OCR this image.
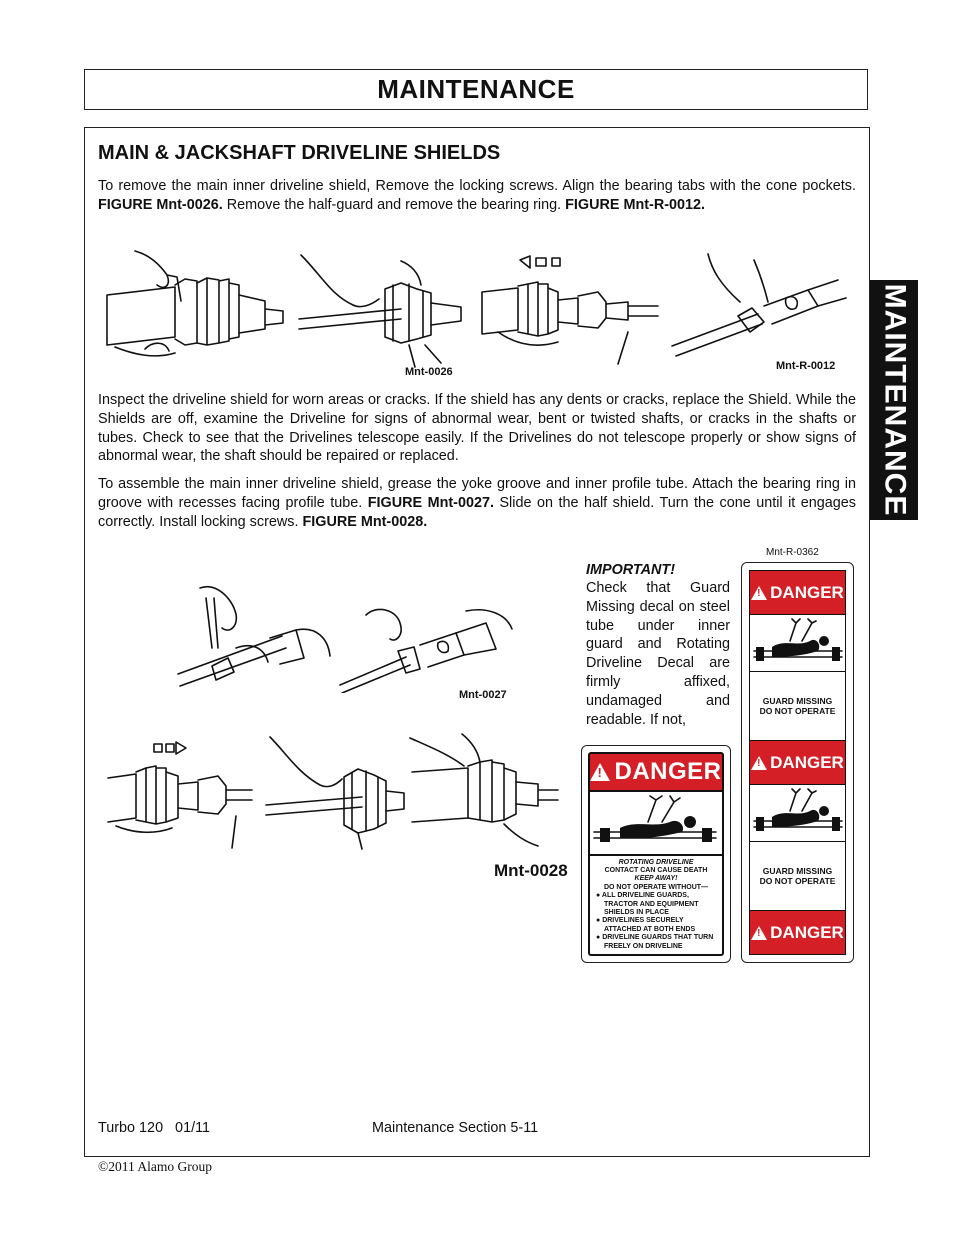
MAINTENANCE
MAINTENANCE
MAIN & JACKSHAFT DRIVELINE SHIELDS

To remove the main inner driveline shield, Remove the locking screws. Align the bearing tabs with the cone pockets. FIGURE Mnt-0026. Remove the half-guard and remove the bearing ring. FIGURE Mnt-R-0012.

Mnt-0026	Mnt-R-0012

Inspect the driveline shield for worn areas or cracks. If the shield has any dents or cracks, replace the Shield. While the Shields are off, examine the Driveline for signs of abnormal wear, bent or twisted shafts, or cracks in the shafts or tubes. Check to see that the Drivelines telescope easily. If the Drivelines do not telescope properly or show signs of abnormal wear, the shaft should be repaired or replaced.

To assemble the main inner driveline shield, grease the yoke groove and inner profile tube. Attach the bearing ring in groove with recesses facing profile tube. FIGURE Mnt-0027. Slide on the half shield. Turn the cone until it engages correctly. Install locking screws. FIGURE Mnt-0028.

Mnt-0027
Mnt-0028

IMPORTANT!

Check that Guard Missing decal on steel tube under inner guard and Rotating Driveline Decal are firmly affixed, undamaged and readable. If not,

Mnt-R-0362
!
DANGER
ROTATING DRIVELINE
CONTACT CAN CAUSE DEATH
KEEP AWAY!
DO NOT OPERATE WITHOUT—
● ALL DRIVELINE GUARDS, TRACTOR AND EQUIPMENT SHIELDS IN PLACE
● DRIVELINES SECURELY ATTACHED AT BOTH ENDS
● DRIVELINE GUARDS THAT TURN FREELY ON DRIVELINE
!
DANGER
GUARD MISSING
DO NOT OPERATE
!
DANGER
GUARD MISSING
DO NOT OPERATE
!
DANGER
Turbo 120   01/11	Maintenance Section 5-11
©2011 Alamo Group
